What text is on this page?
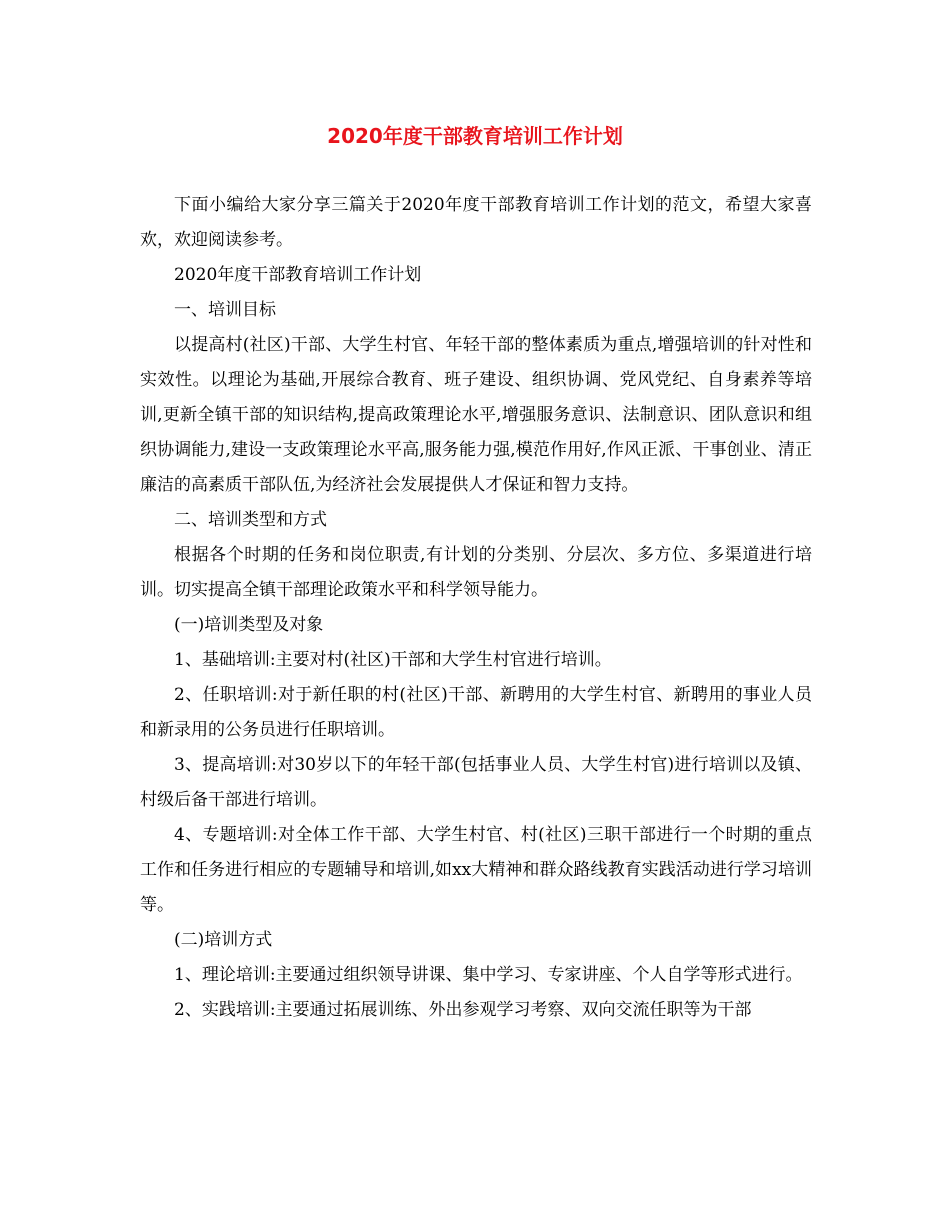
2020年度干部教育培训工作计划

下面小编给大家分享三篇关于2020年度干部教育培训工作计划的范文，希望大家喜欢，欢迎阅读参考。

2020年度干部教育培训工作计划

一、培训目标

以提高村(社区)干部、大学生村官、年轻干部的整体素质为重点,增强培训的针对性和实效性。以理论为基础,开展综合教育、班子建设、组织协调、党风党纪、自身素养等培训,更新全镇干部的知识结构,提高政策理论水平,增强服务意识、法制意识、团队意识和组织协调能力,建设一支政策理论水平高,服务能力强,模范作用好,作风正派、干事创业、清正廉洁的高素质干部队伍,为经济社会发展提供人才保证和智力支持。

二、培训类型和方式

根据各个时期的任务和岗位职责,有计划的分类别、分层次、多方位、多渠道进行培训。切实提高全镇干部理论政策水平和科学领导能力。

(一)培训类型及对象

1、基础培训:主要对村(社区)干部和大学生村官进行培训。

2、任职培训:对于新任职的村(社区)干部、新聘用的大学生村官、新聘用的事业人员和新录用的公务员进行任职培训。

3、提高培训:对30岁以下的年轻干部(包括事业人员、大学生村官)进行培训以及镇、村级后备干部进行培训。

4、专题培训:对全体工作干部、大学生村官、村(社区)三职干部进行一个时期的重点工作和任务进行相应的专题辅导和培训,如xx大精神和群众路线教育实践活动进行学习培训等。

(二)培训方式

1、理论培训:主要通过组织领导讲课、集中学习、专家讲座、个人自学等形式进行。

2、实践培训:主要通过拓展训练、外出参观学习考察、双向交流任职等为干部
